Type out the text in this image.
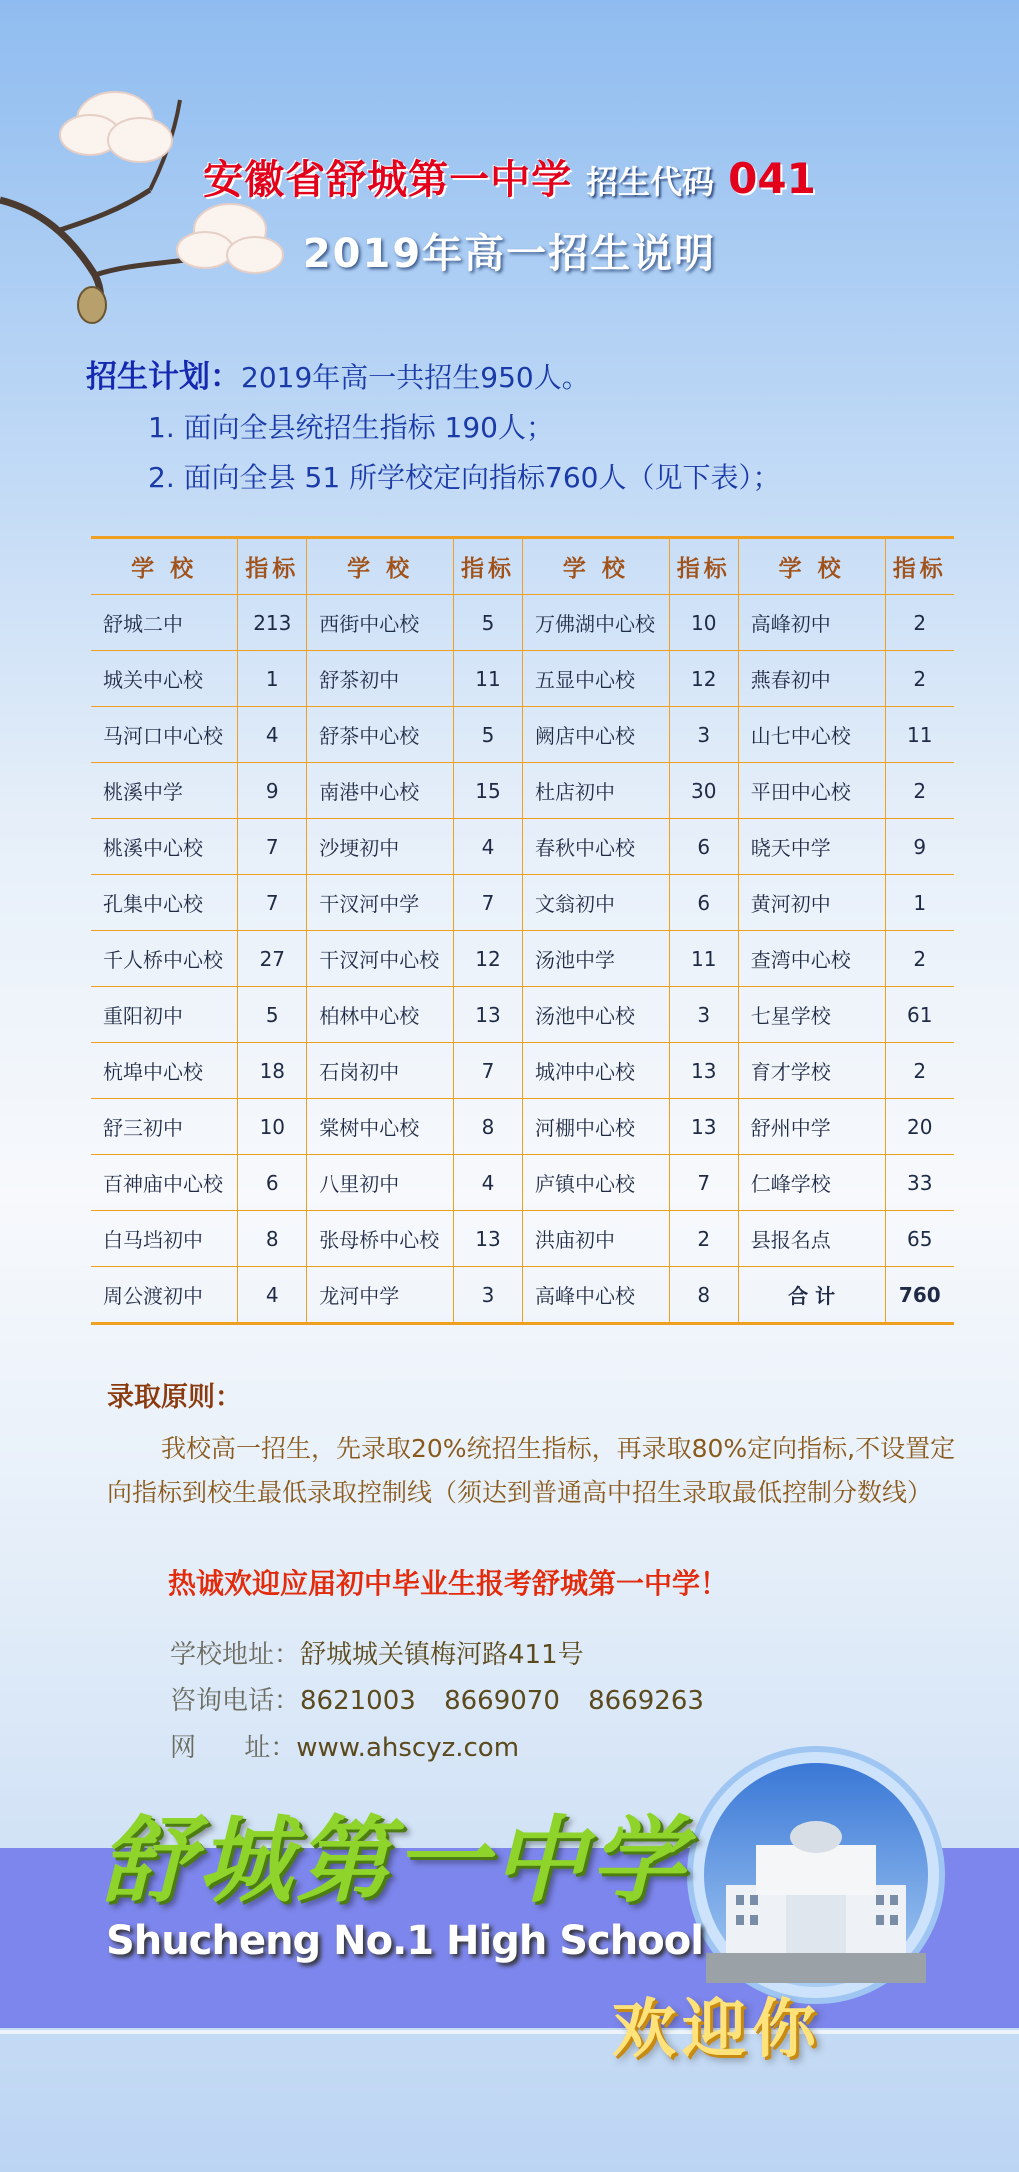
安徽省舒城第一中学 招生代码 041
2019年高一招生说明
招生计划：2019年高一共招生950人。
1. 面向全县统招生指标 190人；
2. 面向全县 51 所学校定向指标760人（见下表）；
学 校	指标	学 校	指标	学 校	指标	学 校	指标
舒城二中	213	西街中心校	5	万佛湖中心校	10	高峰初中	2
城关中心校	1	舒茶初中	11	五显中心校	12	燕春初中	2
马河口中心校	4	舒茶中心校	5	阙店中心校	3	山七中心校	11
桃溪中学	9	南港中心校	15	杜店初中	30	平田中心校	2
桃溪中心校	7	沙埂初中	4	春秋中心校	6	晓天中学	9
孔集中心校	7	干汊河中学	7	文翁初中	6	黄河初中	1
千人桥中心校	27	干汊河中心校	12	汤池中学	11	查湾中心校	2
重阳初中	5	柏林中心校	13	汤池中心校	3	七星学校	61
杭埠中心校	18	石岗初中	7	城冲中心校	13	育才学校	2
舒三初中	10	棠树中心校	8	河棚中心校	13	舒州中学	20
百神庙中心校	6	八里初中	4	庐镇中心校	7	仁峰学校	33
白马垱初中	8	张母桥中心校	13	洪庙初中	2	县报名点	65
周公渡初中	4	龙河中学	3	高峰中心校	8	合 计	760
录取原则：
我校高一招生，先录取20%统招生指标，再录取80%定向指标,不设置定向指标到校生最低录取控制线（须达到普通高中招生录取最低控制分数线）
热诚欢迎应届初中毕业生报考舒城第一中学！
学校地址：舒城城关镇梅河路411号
咨询电话：8621003 8669070 8669263
网 址：www.ahscyz.com
舒城第一中学
Shucheng No.1 High School
欢迎你
